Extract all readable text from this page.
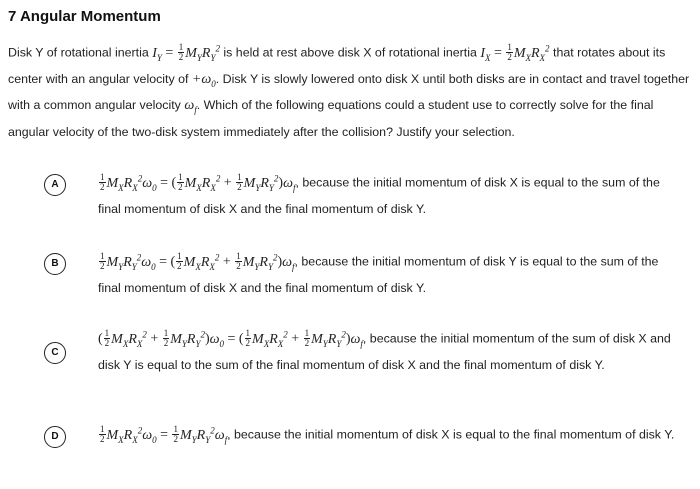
7 Angular Momentum
Disk Y of rotational inertia $I_Y = \frac{1}{2} M_YR_Y^2$ is held at rest above disk X of rotational inertia $I_X = \frac{1}{2} M_XR_X^2$ that rotates about its center with an angular velocity of $+\omega_0$. Disk Y is slowly lowered onto disk X until both disks are in contact and travel together with a common angular velocity $\omega_f$. Which of the following equations could a student use to correctly solve for the final angular velocity of the two-disk system immediately after the collision? Justify your selection.
A	$\frac{1}{2} M_XR_X^2\omega_0$ = ( $\frac{1}{2} M_XR_X^2 + \frac{1}{2} M_YR_Y^2)\omega_f$, because the initial momentum of disk X is equal to the sum of the final momentum of disk X and the final momentum of disk Y.
B	$\frac{1}{2} M_YR_Y^2\omega_0$ = ( $\frac{1}{2} M_XR_X^2 + \frac{1}{2} M_YR_Y^2)\omega_f$, because the initial momentum of disk Y is equal to the sum of the final momentum of disk X and the final momentum of disk Y.
C
( $\frac{1}{2} M_XR_X^2 + \frac{1}{2} M_YR_Y^2)\omega_0$ = ( $\frac{1}{2} M_XR_X^2 + \frac{1}{2} M_YR_Y^2)\omega_f$, because the initial momentum of the sum of disk X and disk Y is equal to the sum of the final momentum of disk X and the final momentum of disk Y.
D	$\frac{1}{2} M_XR_X^2\omega_0 = \frac{1}{2} M_YR_Y^2\omega_f$, because the initial momentum of disk X is equal to the final momentum of disk Y.
